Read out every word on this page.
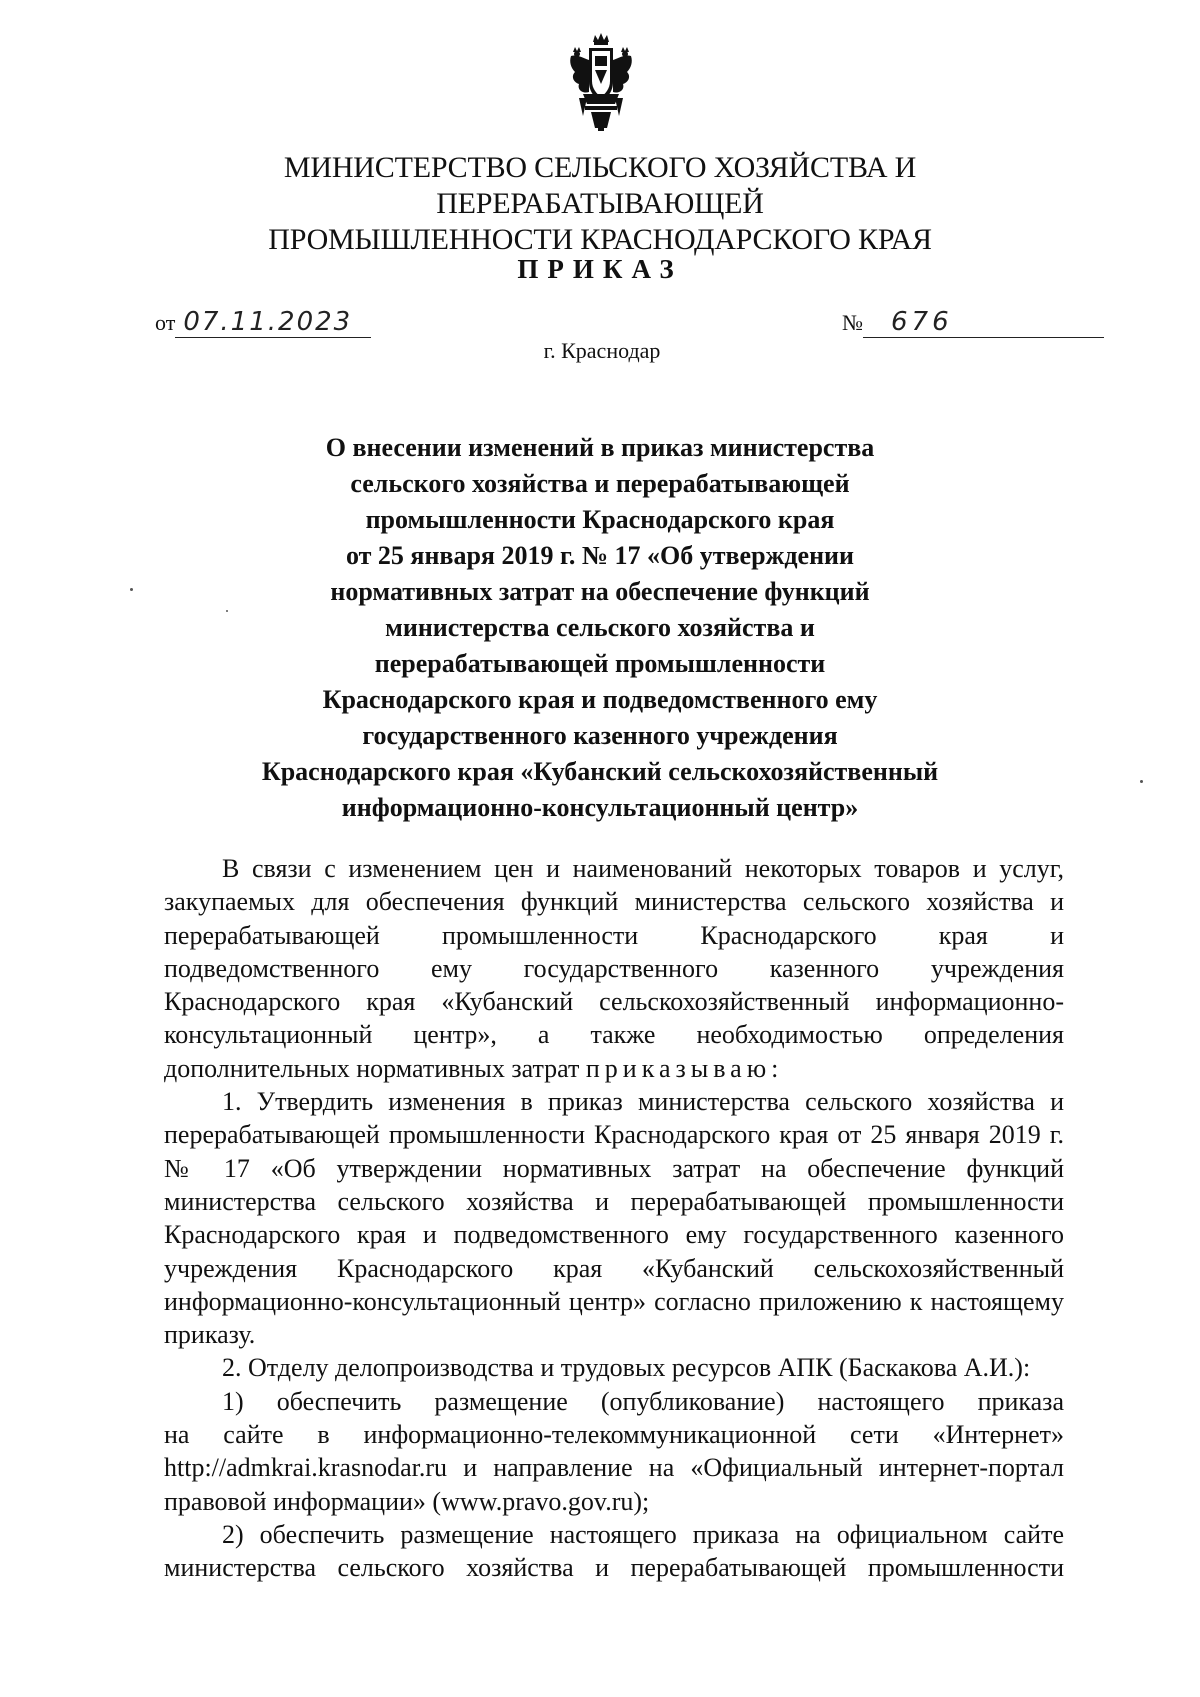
МИНИСТЕРСТВО СЕЛЬСКОГО ХОЗЯЙСТВА И ПЕРЕРАБАТЫВАЮЩЕЙ
ПРОМЫШЛЕННОСТИ КРАСНОДАРСКОГО КРАЯ
ПРИКАЗ
от 07.11.2023	№ 676
г. Краснодар
О внесении изменений в приказ министерства
сельского хозяйства и перерабатывающей
промышленности Краснодарского края
от 25 января 2019 г. № 17 «Об утверждении
нормативных затрат на обеспечение функций
министерства сельского хозяйства и
перерабатывающей промышленности
Краснодарского края и подведомственного ему
государственного казенного учреждения
Краснодарского края «Кубанский сельскохозяйственный
информационно-консультационный центр»
В связи с изменением цен и наименований некоторых товаров и услуг,
закупаемых для обеспечения функций министерства сельского хозяйства и
перерабатывающей промышленности Краснодарского края и
подведомственного ему государственного казенного учреждения
Краснодарского края «Кубанский сельскохозяйственный информационно-
консультационный центр», а также необходимостью определения
дополнительных нормативных затрат приказываю:
1. Утвердить изменения в приказ министерства сельского хозяйства и
перерабатывающей промышленности Краснодарского края от 25 января 2019 г.
№ 17 «Об утверждении нормативных затрат на обеспечение функций
министерства сельского хозяйства и перерабатывающей промышленности
Краснодарского края и подведомственного ему государственного казенного
учреждения Краснодарского края «Кубанский сельскохозяйственный
информационно-консультационный центр» согласно приложению к настоящему
приказу.
2. Отделу делопроизводства и трудовых ресурсов АПК (Баскакова А.И.):
1) обеспечить размещение (опубликование) настоящего приказа
на сайте в информационно-телекоммуникационной сети «Интернет»
http://admkrai.krasnodar.ru и направление на «Официальный интернет-портал
правовой информации» (www.pravo.gov.ru);
2) обеспечить размещение настоящего приказа на официальном сайте
министерства сельского хозяйства и перерабатывающей промышленности
